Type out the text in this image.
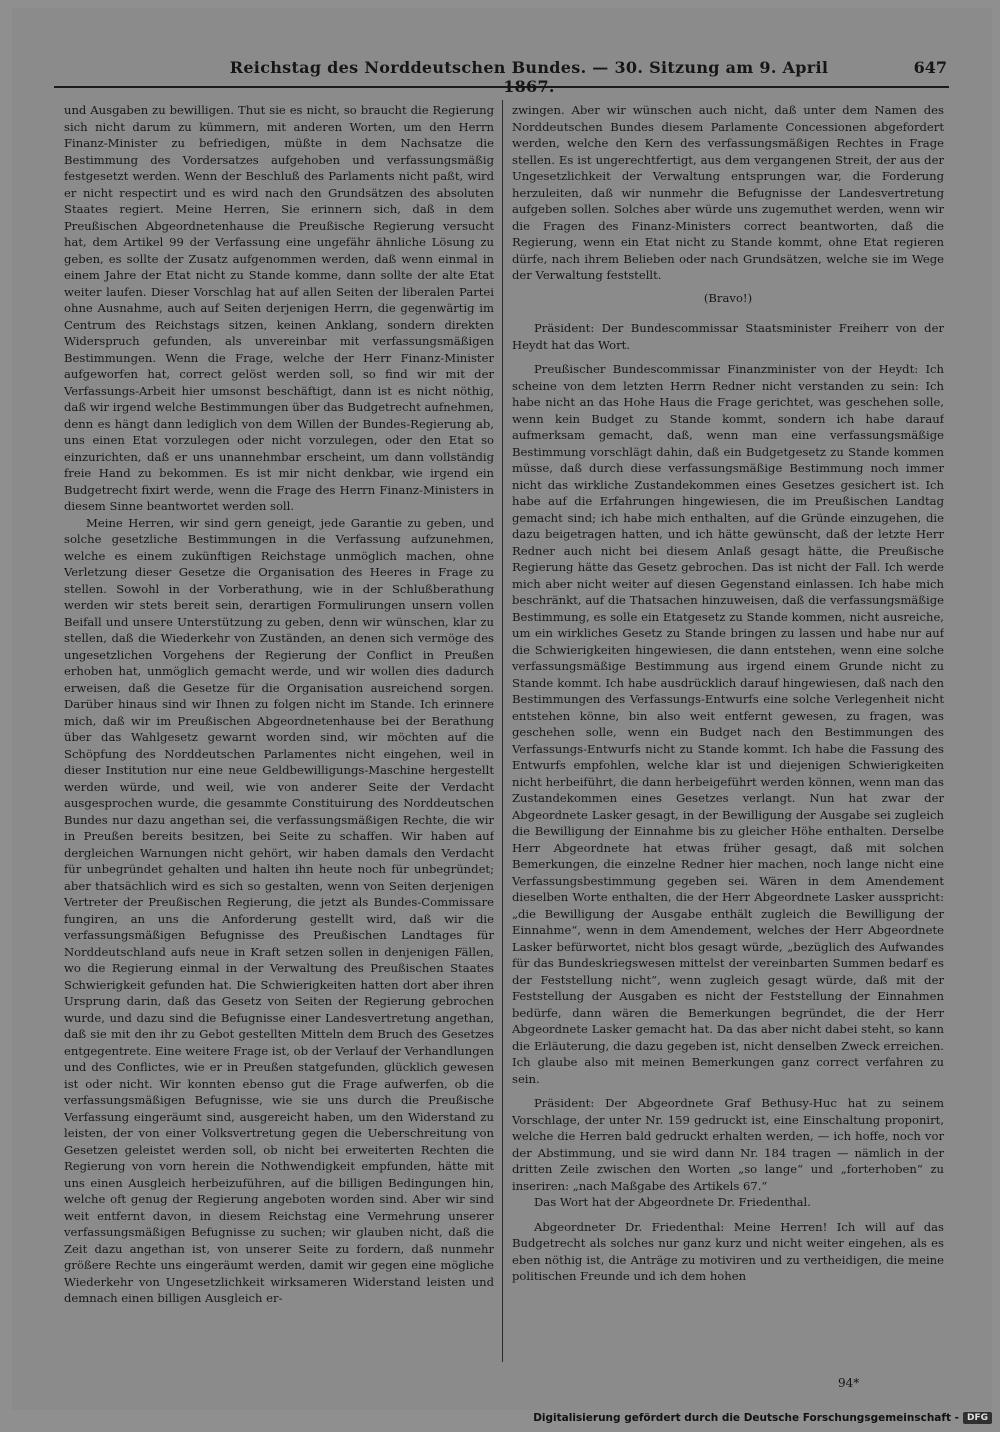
Reichstag des Norddeutschen Bundes. — 30. Sitzung am 9. April 1867.
647

und Ausgaben zu bewilligen. Thut sie es nicht, so braucht die Regierung sich nicht darum zu kümmern, mit anderen Worten, um den Herrn Finanz-Minister zu befriedigen, müßte in dem Nachsatze die Bestimmung des Vordersatzes aufgehoben und verfassungsmäßig festgesetzt werden. Wenn der Beschluß des Parlaments nicht paßt, wird er nicht respectirt und es wird nach den Grundsätzen des absoluten Staates regiert. Meine Herren, Sie erinnern sich, daß in dem Preußischen Abgeordnetenhause die Preußische Regierung versucht hat, dem Artikel 99 der Verfassung eine ungefähr ähnliche Lösung zu geben, es sollte der Zusatz aufgenommen werden, daß wenn einmal in einem Jahre der Etat nicht zu Stande komme, dann sollte der alte Etat weiter laufen. Dieser Vorschlag hat auf allen Seiten der liberalen Partei ohne Ausnahme, auch auf Seiten derjenigen Herrn, die gegenwärtig im Centrum des Reichstags sitzen, keinen Anklang, sondern direkten Widerspruch gefunden, als unvereinbar mit verfassungsmäßigen Bestimmungen. Wenn die Frage, welche der Herr Finanz-Minister aufgeworfen hat, correct gelöst werden soll, so find wir mit der Verfassungs-Arbeit hier umsonst beschäftigt, dann ist es nicht nöthig, daß wir irgend welche Bestimmungen über das Budgetrecht aufnehmen, denn es hängt dann lediglich von dem Willen der Bundes-Regierung ab, uns einen Etat vorzulegen oder nicht vorzulegen, oder den Etat so einzurichten, daß er uns unannehmbar erscheint, um dann vollständig freie Hand zu bekommen. Es ist mir nicht denkbar, wie irgend ein Budgetrecht fixirt werde, wenn die Frage des Herrn Finanz-Ministers in diesem Sinne beantwortet werden soll.

Meine Herren, wir sind gern geneigt, jede Garantie zu geben, und solche gesetzliche Bestimmungen in die Verfassung aufzunehmen, welche es einem zukünftigen Reichstage unmöglich machen, ohne Verletzung dieser Gesetze die Organisation des Heeres in Frage zu stellen. Sowohl in der Vorberathung, wie in der Schlußberathung werden wir stets bereit sein, derartigen Formulirungen unsern vollen Beifall und unsere Unterstützung zu geben, denn wir wünschen, klar zu stellen, daß die Wiederkehr von Zuständen, an denen sich vermöge des ungesetzlichen Vorgehens der Regierung der Conflict in Preußen erhoben hat, unmöglich gemacht werde, und wir wollen dies dadurch erweisen, daß die Gesetze für die Organisation ausreichend sorgen. Darüber hinaus sind wir Ihnen zu folgen nicht im Stande. Ich erinnere mich, daß wir im Preußischen Abgeordnetenhause bei der Berathung über das Wahlgesetz gewarnt worden sind, wir möchten auf die Schöpfung des Norddeutschen Parlamentes nicht eingehen, weil in dieser Institution nur eine neue Geldbewilligungs-Maschine hergestellt werden würde, und weil, wie von anderer Seite der Verdacht ausgesprochen wurde, die gesammte Constituirung des Norddeutschen Bundes nur dazu angethan sei, die verfassungsmäßigen Rechte, die wir in Preußen bereits besitzen, bei Seite zu schaffen. Wir haben auf dergleichen Warnungen nicht gehört, wir haben damals den Verdacht für unbegründet gehalten und halten ihn heute noch für unbegründet; aber thatsächlich wird es sich so gestalten, wenn von Seiten derjenigen Vertreter der Preußischen Regierung, die jetzt als Bundes-Commissare fungiren, an uns die Anforderung gestellt wird, daß wir die verfassungsmäßigen Befugnisse des Preußischen Landtages für Norddeutschland aufs neue in Kraft setzen sollen in denjenigen Fällen, wo die Regierung einmal in der Verwaltung des Preußischen Staates Schwierigkeit gefunden hat. Die Schwierigkeiten hatten dort aber ihren Ursprung darin, daß das Gesetz von Seiten der Regierung gebrochen wurde, und dazu sind die Befugnisse einer Landesvertretung angethan, daß sie mit den ihr zu Gebot gestellten Mitteln dem Bruch des Gesetzes entgegentrete. Eine weitere Frage ist, ob der Verlauf der Verhandlungen und des Conflictes, wie er in Preußen statgefunden, glücklich gewesen ist oder nicht. Wir konnten ebenso gut die Frage aufwerfen, ob die verfassungsmäßigen Befugnisse, wie sie uns durch die Preußische Verfassung eingeräumt sind, ausgereicht haben, um den Widerstand zu leisten, der von einer Volksvertretung gegen die Ueberschreitung von Gesetzen geleistet werden soll, ob nicht bei erweiterten Rechten die Regierung von vorn herein die Nothwendigkeit empfunden, hätte mit uns einen Ausgleich herbeizuführen, auf die billigen Bedingungen hin, welche oft genug der Regierung angeboten worden sind. Aber wir sind weit entfernt davon, in diesem Reichstag eine Vermehrung unserer verfassungsmäßigen Befugnisse zu suchen; wir glauben nicht, daß die Zeit dazu angethan ist, von unserer Seite zu fordern, daß nunmehr größere Rechte uns eingeräumt werden, damit wir gegen eine mögliche Wiederkehr von Ungesetzlichkeit wirksameren Widerstand leisten und demnach einen billigen Ausgleich er-

zwingen. Aber wir wünschen auch nicht, daß unter dem Namen des Norddeutschen Bundes diesem Parlamente Concessionen abgefordert werden, welche den Kern des verfassungsmäßigen Rechtes in Frage stellen. Es ist ungerechtfertigt, aus dem vergangenen Streit, der aus der Ungesetzlichkeit der Verwaltung entsprungen war, die Forderung herzuleiten, daß wir nunmehr die Befugnisse der Landesvertretung aufgeben sollen. Solches aber würde uns zugemuthet werden, wenn wir die Fragen des Finanz-Ministers correct beantworten, daß die Regierung, wenn ein Etat nicht zu Stande kommt, ohne Etat regieren dürfe, nach ihrem Belieben oder nach Grundsätzen, welche sie im Wege der Verwaltung feststellt.

(Bravo!)

Präsident: Der Bundescommissar Staatsminister Freiherr von der Heydt hat das Wort.

Preußischer Bundescommissar Finanzminister von der Heydt: Ich scheine von dem letzten Herrn Redner nicht verstanden zu sein: Ich habe nicht an das Hohe Haus die Frage gerichtet, was geschehen solle, wenn kein Budget zu Stande kommt, sondern ich habe darauf aufmerksam gemacht, daß, wenn man eine verfassungsmäßige Bestimmung vorschlägt dahin, daß ein Budgetgesetz zu Stande kommen müsse, daß durch diese verfassungsmäßige Bestimmung noch immer nicht das wirkliche Zustandekommen eines Gesetzes gesichert ist. Ich habe auf die Erfahrungen hingewiesen, die im Preußischen Landtag gemacht sind; ich habe mich enthalten, auf die Gründe einzugehen, die dazu beigetragen hatten, und ich hätte gewünscht, daß der letzte Herr Redner auch nicht bei diesem Anlaß gesagt hätte, die Preußische Regierung hätte das Gesetz gebrochen. Das ist nicht der Fall. Ich werde mich aber nicht weiter auf diesen Gegenstand einlassen. Ich habe mich beschränkt, auf die Thatsachen hinzuweisen, daß die verfassungsmäßige Bestimmung, es solle ein Etatgesetz zu Stande kommen, nicht ausreiche, um ein wirkliches Gesetz zu Stande bringen zu lassen und habe nur auf die Schwierigkeiten hingewiesen, die dann entstehen, wenn eine solche verfassungsmäßige Bestimmung aus irgend einem Grunde nicht zu Stande kommt. Ich habe ausdrücklich darauf hingewiesen, daß nach den Bestimmungen des Verfassungs-Entwurfs eine solche Verlegenheit nicht entstehen könne, bin also weit entfernt gewesen, zu fragen, was geschehen solle, wenn ein Budget nach den Bestimmungen des Verfassungs-Entwurfs nicht zu Stande kommt. Ich habe die Fassung des Entwurfs empfohlen, welche klar ist und diejenigen Schwierigkeiten nicht herbeiführt, die dann herbeigeführt werden können, wenn man das Zustandekommen eines Gesetzes verlangt. Nun hat zwar der Abgeordnete Lasker gesagt, in der Bewilligung der Ausgabe sei zugleich die Bewilligung der Einnahme bis zu gleicher Höhe enthalten. Derselbe Herr Abgeordnete hat etwas früher gesagt, daß mit solchen Bemerkungen, die einzelne Redner hier machen, noch lange nicht eine Verfassungsbestimmung gegeben sei. Wären in dem Amendement dieselben Worte enthalten, die der Herr Abgeordnete Lasker ausspricht: „die Bewilligung der Ausgabe enthält zugleich die Bewilligung der Einnahme“, wenn in dem Amendement, welches der Herr Abgeordnete Lasker befürwortet, nicht blos gesagt würde, „bezüglich des Aufwandes für das Bundeskriegswesen mittelst der vereinbarten Summen bedarf es der Feststellung nicht“, wenn zugleich gesagt würde, daß mit der Feststellung der Ausgaben es nicht der Feststellung der Einnahmen bedürfe, dann wären die Bemerkungen begründet, die der Herr Abgeordnete Lasker gemacht hat. Da das aber nicht dabei steht, so kann die Erläuterung, die dazu gegeben ist, nicht denselben Zweck erreichen. Ich glaube also mit meinen Bemerkungen ganz correct verfahren zu sein.

Präsident: Der Abgeordnete Graf Bethusy-Huc hat zu seinem Vorschlage, der unter Nr. 159 gedruckt ist, eine Einschaltung proponirt, welche die Herren bald gedruckt erhalten werden, — ich hoffe, noch vor der Abstimmung, und sie wird dann Nr. 184 tragen — nämlich in der dritten Zeile zwischen den Worten „so lange“ und „forterhoben“ zu inseriren: „nach Maßgabe des Artikels 67.“

Das Wort hat der Abgeordnete Dr. Friedenthal.

Abgeordneter Dr. Friedenthal: Meine Herren! Ich will auf das Budgetrecht als solches nur ganz kurz und nicht weiter eingehen, als es eben nöthig ist, die Anträge zu motiviren und zu vertheidigen, die meine politischen Freunde und ich dem hohen

94*
Digitalisierung gefördert durch die Deutsche Forschungsgemeinschaft - DFG
